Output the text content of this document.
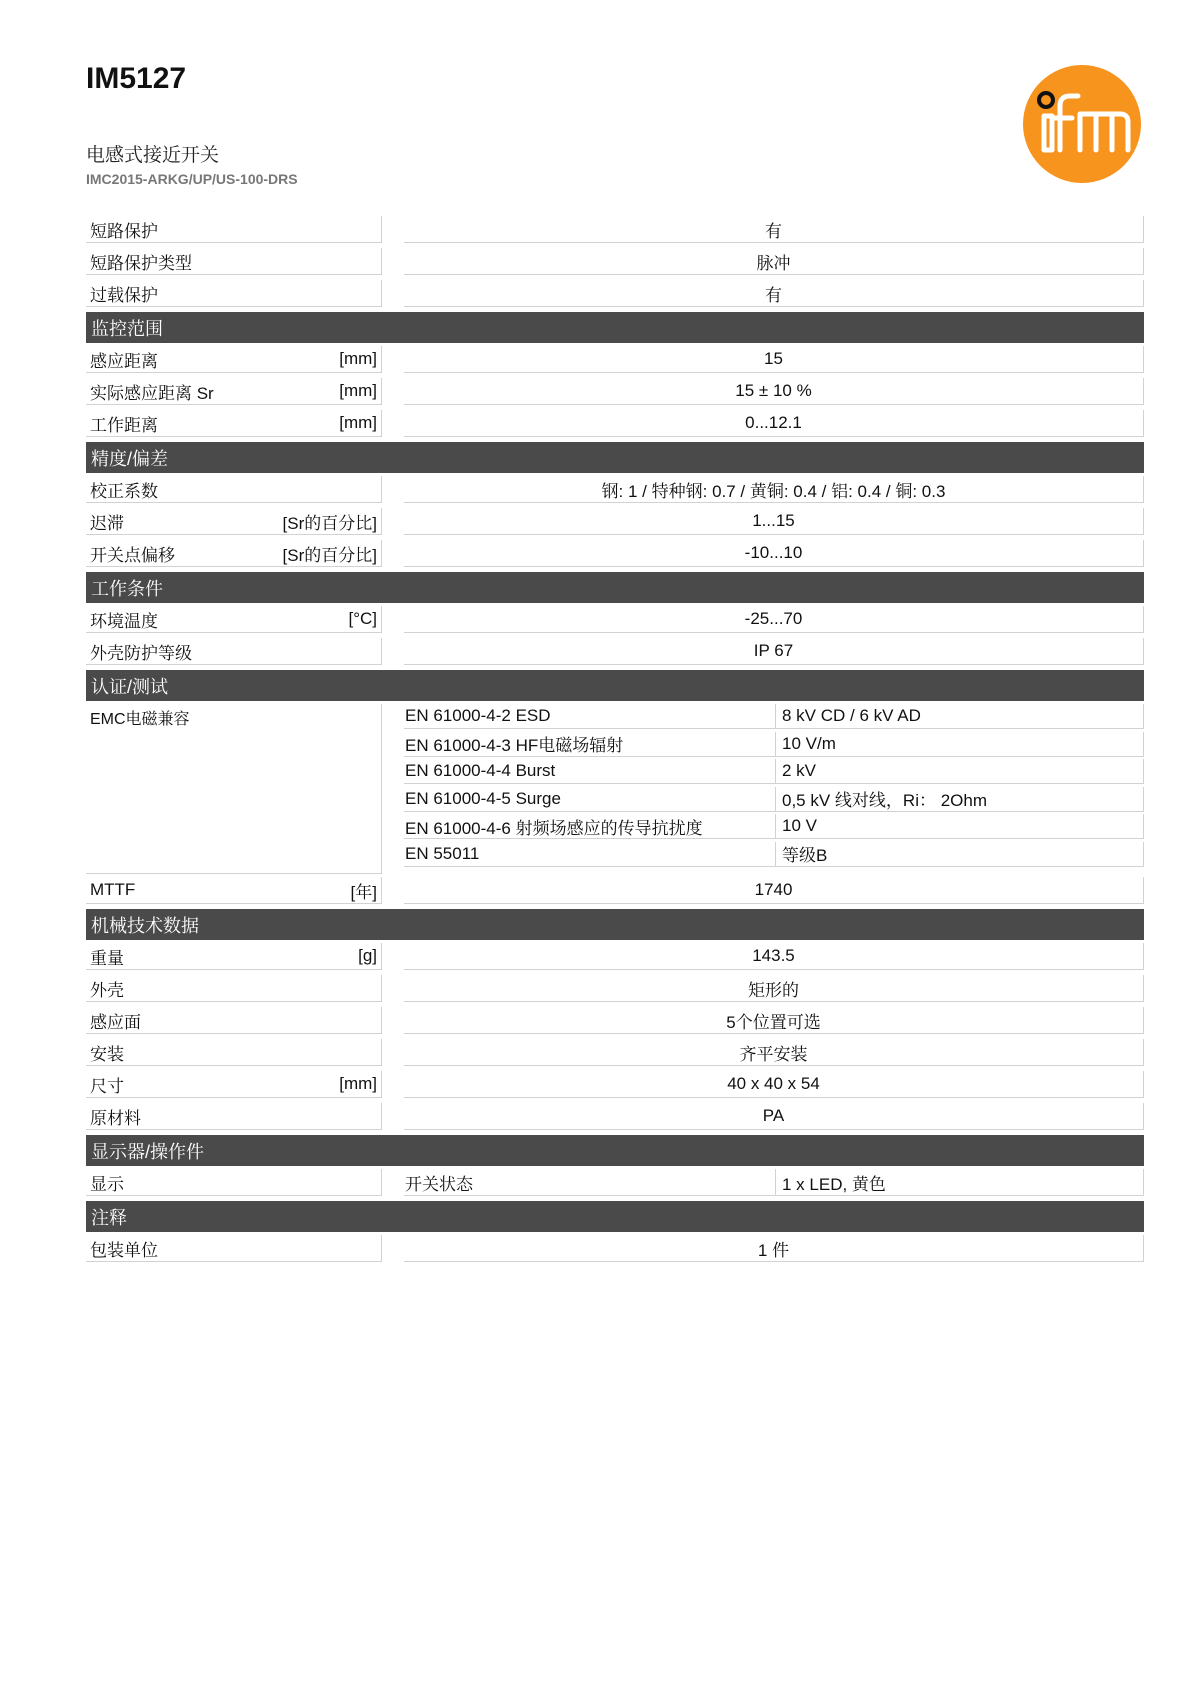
IM5127
电感式接近开关
IMC2015-ARKG/UP/US-100-DRS
短路保护	有
短路保护类型	脉冲
过载保护	有
监控范围
感应距离	[mm]	15
实际感应距离 Sr	[mm]	15 ± 10 %
工作距离	[mm]	0...12.1
精度/偏差
校正系数	钢: 1 / 特种钢: 0.7 / 黄铜: 0.4 / 铝: 0.4 / 铜: 0.3
迟滞	[Sr的百分比]	1...15
开关点偏移	[Sr的百分比]	-10...10
工作条件
环境温度	[°C]	-25...70
外壳防护等级	IP 67
认证/测试
EMC电磁兼容	EN 61000-4-2 ESD	8 kV CD / 6 kV AD
EN 61000-4-3 HF电磁场辐射	10 V/m
EN 61000-4-4 Burst	2 kV
EN 61000-4-5 Surge	0,5 kV 线对线，Ri： 2Ohm
EN 61000-4-6 射频场感应的传导抗扰度	10 V
EN 55011	等级B
MTTF	[年]	1740
机械技术数据
重量	[g]	143.5
外壳	矩形的
感应面	5个位置可选
安装	齐平安装
尺寸	[mm]	40 x 40 x 54
原材料	PA
显示器/操作件
显示	开关状态	1 x LED, 黄色
注释
包装单位	1 件
